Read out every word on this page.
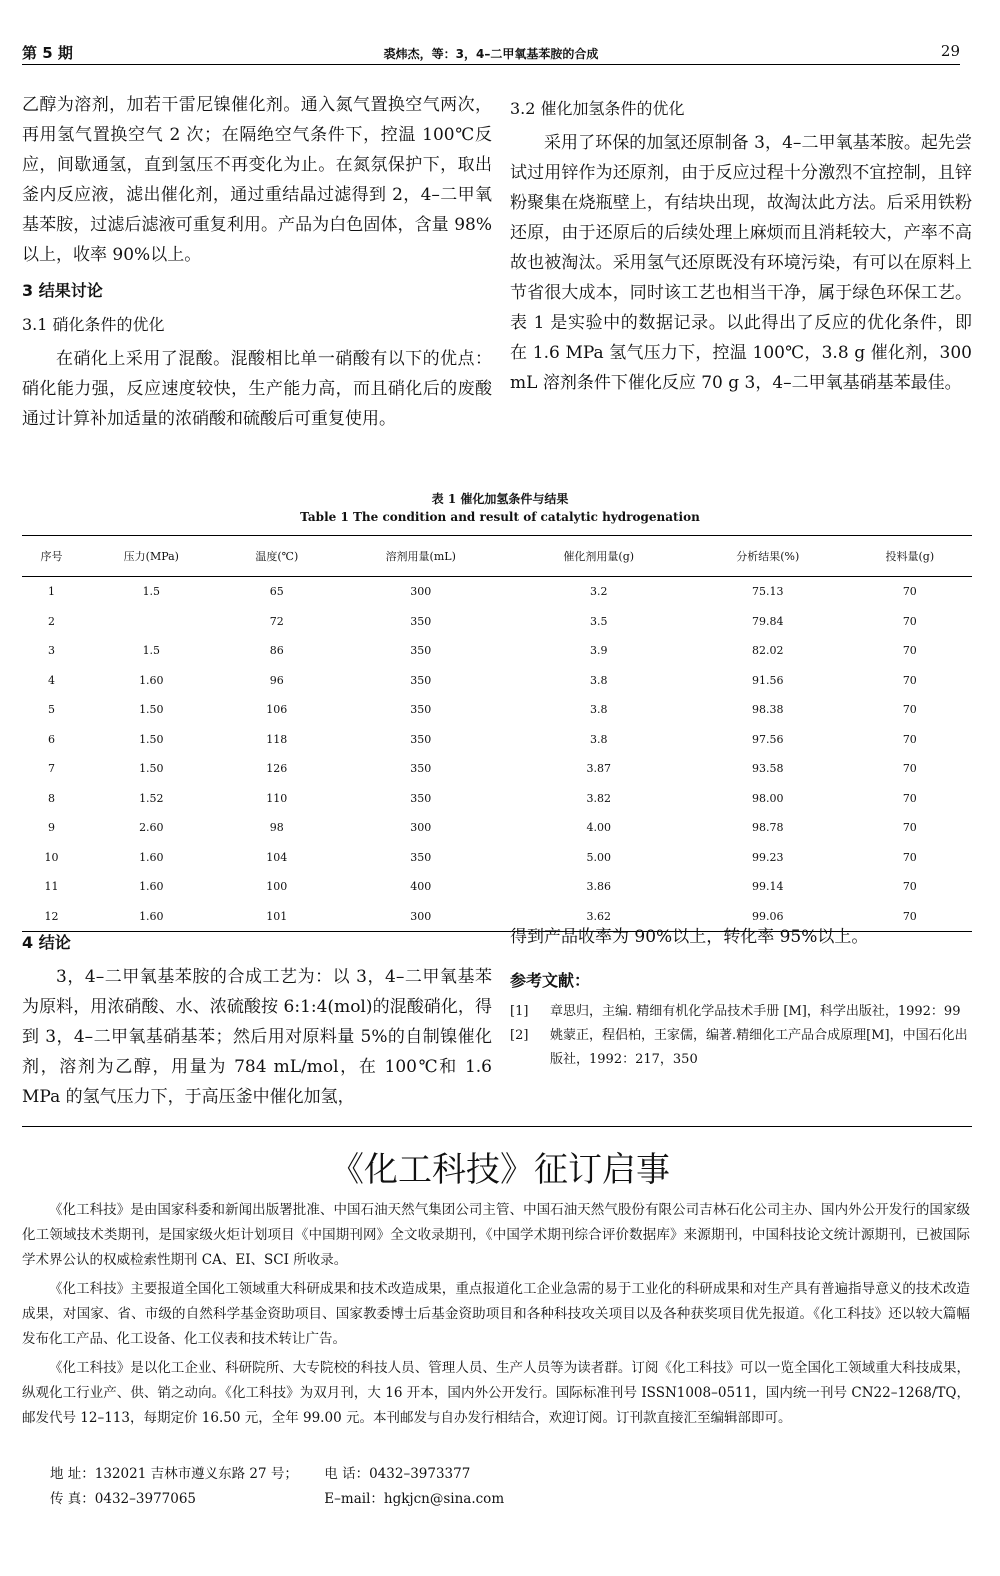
第 5 期	裘炜杰，等：3，4–二甲氧基苯胺的合成	29

乙醇为溶剂，加若干雷尼镍催化剂。通入氮气置换空气两次，再用氢气置换空气 2 次；在隔绝空气条件下，控温 100℃反应，间歇通氢，直到氢压不再变化为止。在氮氛保护下，取出釜内反应液，滤出催化剂，通过重结晶过滤得到 2，4–二甲氧基苯胺，过滤后滤液可重复利用。产品为白色固体，含量 98%以上，收率 90%以上。

3 结果讨论
3.1 硝化条件的优化

在硝化上采用了混酸。混酸相比单一硝酸有以下的优点：硝化能力强，反应速度较快，生产能力高，而且硝化后的废酸通过计算补加适量的浓硝酸和硫酸后可重复使用。

3.2 催化加氢条件的优化

采用了环保的加氢还原制备 3，4–二甲氧基苯胺。起先尝试过用锌作为还原剂，由于反应过程十分激烈不宜控制，且锌粉聚集在烧瓶壁上，有结块出现，故淘汰此方法。后采用铁粉还原，由于还原后的后续处理上麻烦而且消耗较大，产率不高故也被淘汰。采用氢气还原既没有环境污染，有可以在原料上节省很大成本，同时该工艺也相当干净，属于绿色环保工艺。表 1 是实验中的数据记录。以此得出了反应的优化条件，即在 1.6 MPa 氢气压力下，控温 100℃，3.8 g 催化剂，300 mL 溶剂条件下催化反应 70 g 3，4–二甲氧基硝基苯最佳。

表 1 催化加氢条件与结果
Table 1 The condition and result of catalytic hydrogenation
序号	压力(MPa)	温度(℃)	溶剂用量(mL)	催化剂用量(g)	分析结果(%)	投料量(g)
1	1.5	65	300	3.2	75.13	70
2		72	350	3.5	79.84	70
3	1.5	86	350	3.9	82.02	70
4	1.60	96	350	3.8	91.56	70
5	1.50	106	350	3.8	98.38	70
6	1.50	118	350	3.8	97.56	70
7	1.50	126	350	3.87	93.58	70
8	1.52	110	350	3.82	98.00	70
9	2.60	98	300	4.00	98.78	70
10	1.60	104	350	5.00	99.23	70
11	1.60	100	400	3.86	99.14	70
12	1.60	101	300	3.62	99.06	70
4 结论

3，4–二甲氧基苯胺的合成工艺为：以 3，4–二甲氧基苯为原料，用浓硝酸、水、浓硫酸按 6:1:4(mol)的混酸硝化，得到 3，4–二甲氧基硝基苯；然后用对原料量 5%的自制镍催化剂，溶剂为乙醇，用量为 784 mL/mol，在 100℃和 1.6 MPa 的氢气压力下，于高压釜中催化加氢，

得到产品收率为 90%以上，转化率 95%以上。

参考文献：
[1]	章思归，主编. 精细有机化学品技术手册 [M]，科学出版社，1992：99
[2]	姚蒙正，程侣柏，王家儒，编著.精细化工产品合成原理[M]，中国石化出版社，1992：217，350
《化工科技》征订启事

《化工科技》是由国家科委和新闻出版署批准、中国石油天然气集团公司主管、中国石油天然气股份有限公司吉林石化公司主办、国内外公开发行的国家级化工领域技术类期刊，是国家级火炬计划项目《中国期刊网》全文收录期刊，《中国学术期刊综合评价数据库》来源期刊，中国科技论文统计源期刊，已被国际学术界公认的权威检索性期刊 CA、EI、SCI 所收录。

《化工科技》主要报道全国化工领域重大科研成果和技术改造成果，重点报道化工企业急需的易于工业化的科研成果和对生产具有普遍指导意义的技术改造成果，对国家、省、市级的自然科学基金资助项目、国家教委博士后基金资助项目和各种科技攻关项目以及各种获奖项目优先报道。《化工科技》还以较大篇幅发布化工产品、化工设备、化工仪表和技术转让广告。

《化工科技》是以化工企业、科研院所、大专院校的科技人员、管理人员、生产人员等为读者群。订阅《化工科技》可以一览全国化工领域重大科技成果，纵观化工行业产、供、销之动向。《化工科技》为双月刊，大 16 开本，国内外公开发行。国际标准刊号 ISSN1008–0511，国内统一刊号 CN22–1268/TQ，邮发代号 12–113，每期定价 16.50 元，全年 99.00 元。本刊邮发与自办发行相结合，欢迎订阅。订刊款直接汇至编辑部即可。

地 址：132021 吉林市遵义东路 27 号； 电 话：0432–3973377
传 真：0432–3977065	E–mail：hgkjcn@sina.com
